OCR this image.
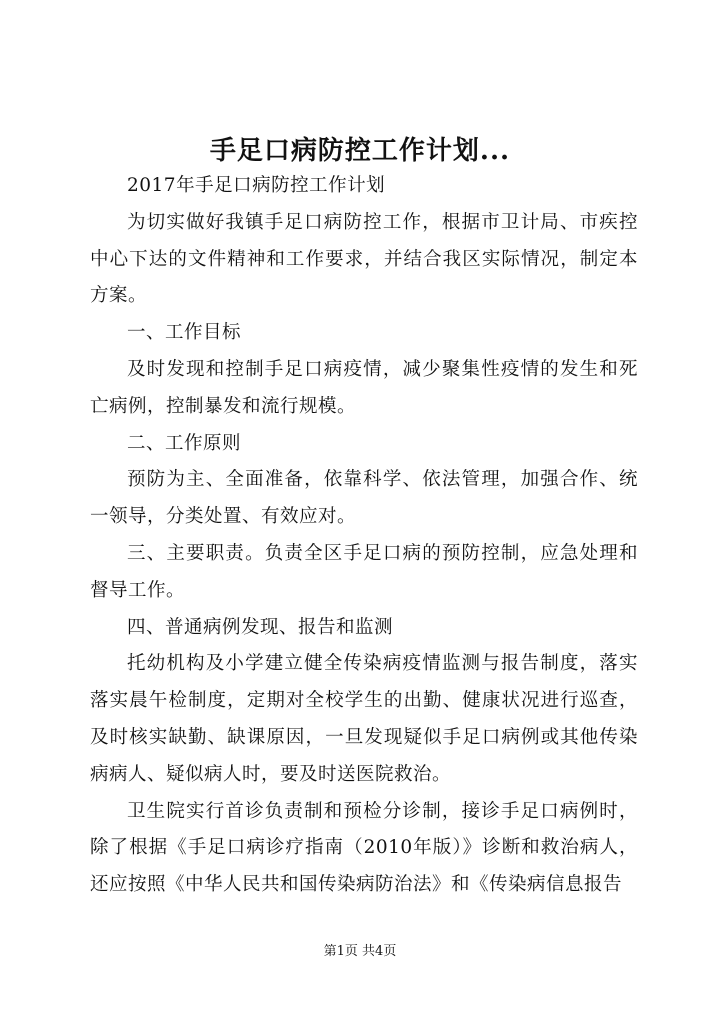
手足口病防控工作计划...

2017年手足口病防控工作计划

为切实做好我镇手足口病防控工作，根据市卫计局、市疾控中心下达的文件精神和工作要求，并结合我区实际情况，制定本方案。

一、工作目标

及时发现和控制手足口病疫情，减少聚集性疫情的发生和死亡病例，控制暴发和流行规模。

二、工作原则

预防为主、全面准备，依靠科学、依法管理，加强合作、统一领导，分类处置、有效应对。

三、主要职责。负责全区手足口病的预防控制，应急处理和督导工作。

四、普通病例发现、报告和监测

托幼机构及小学建立健全传染病疫情监测与报告制度，落实落实晨午检制度，定期对全校学生的出勤、健康状况进行巡查，及时核实缺勤、缺课原因，一旦发现疑似手足口病例或其他传染病病人、疑似病人时，要及时送医院救治。

卫生院实行首诊负责制和预检分诊制，接诊手足口病例时，除了根据《手足口病诊疗指南（2010年版）》诊断和救治病人，还应按照《中华人民共和国传染病防治法》和《传染病信息报告

第1页 共4页
